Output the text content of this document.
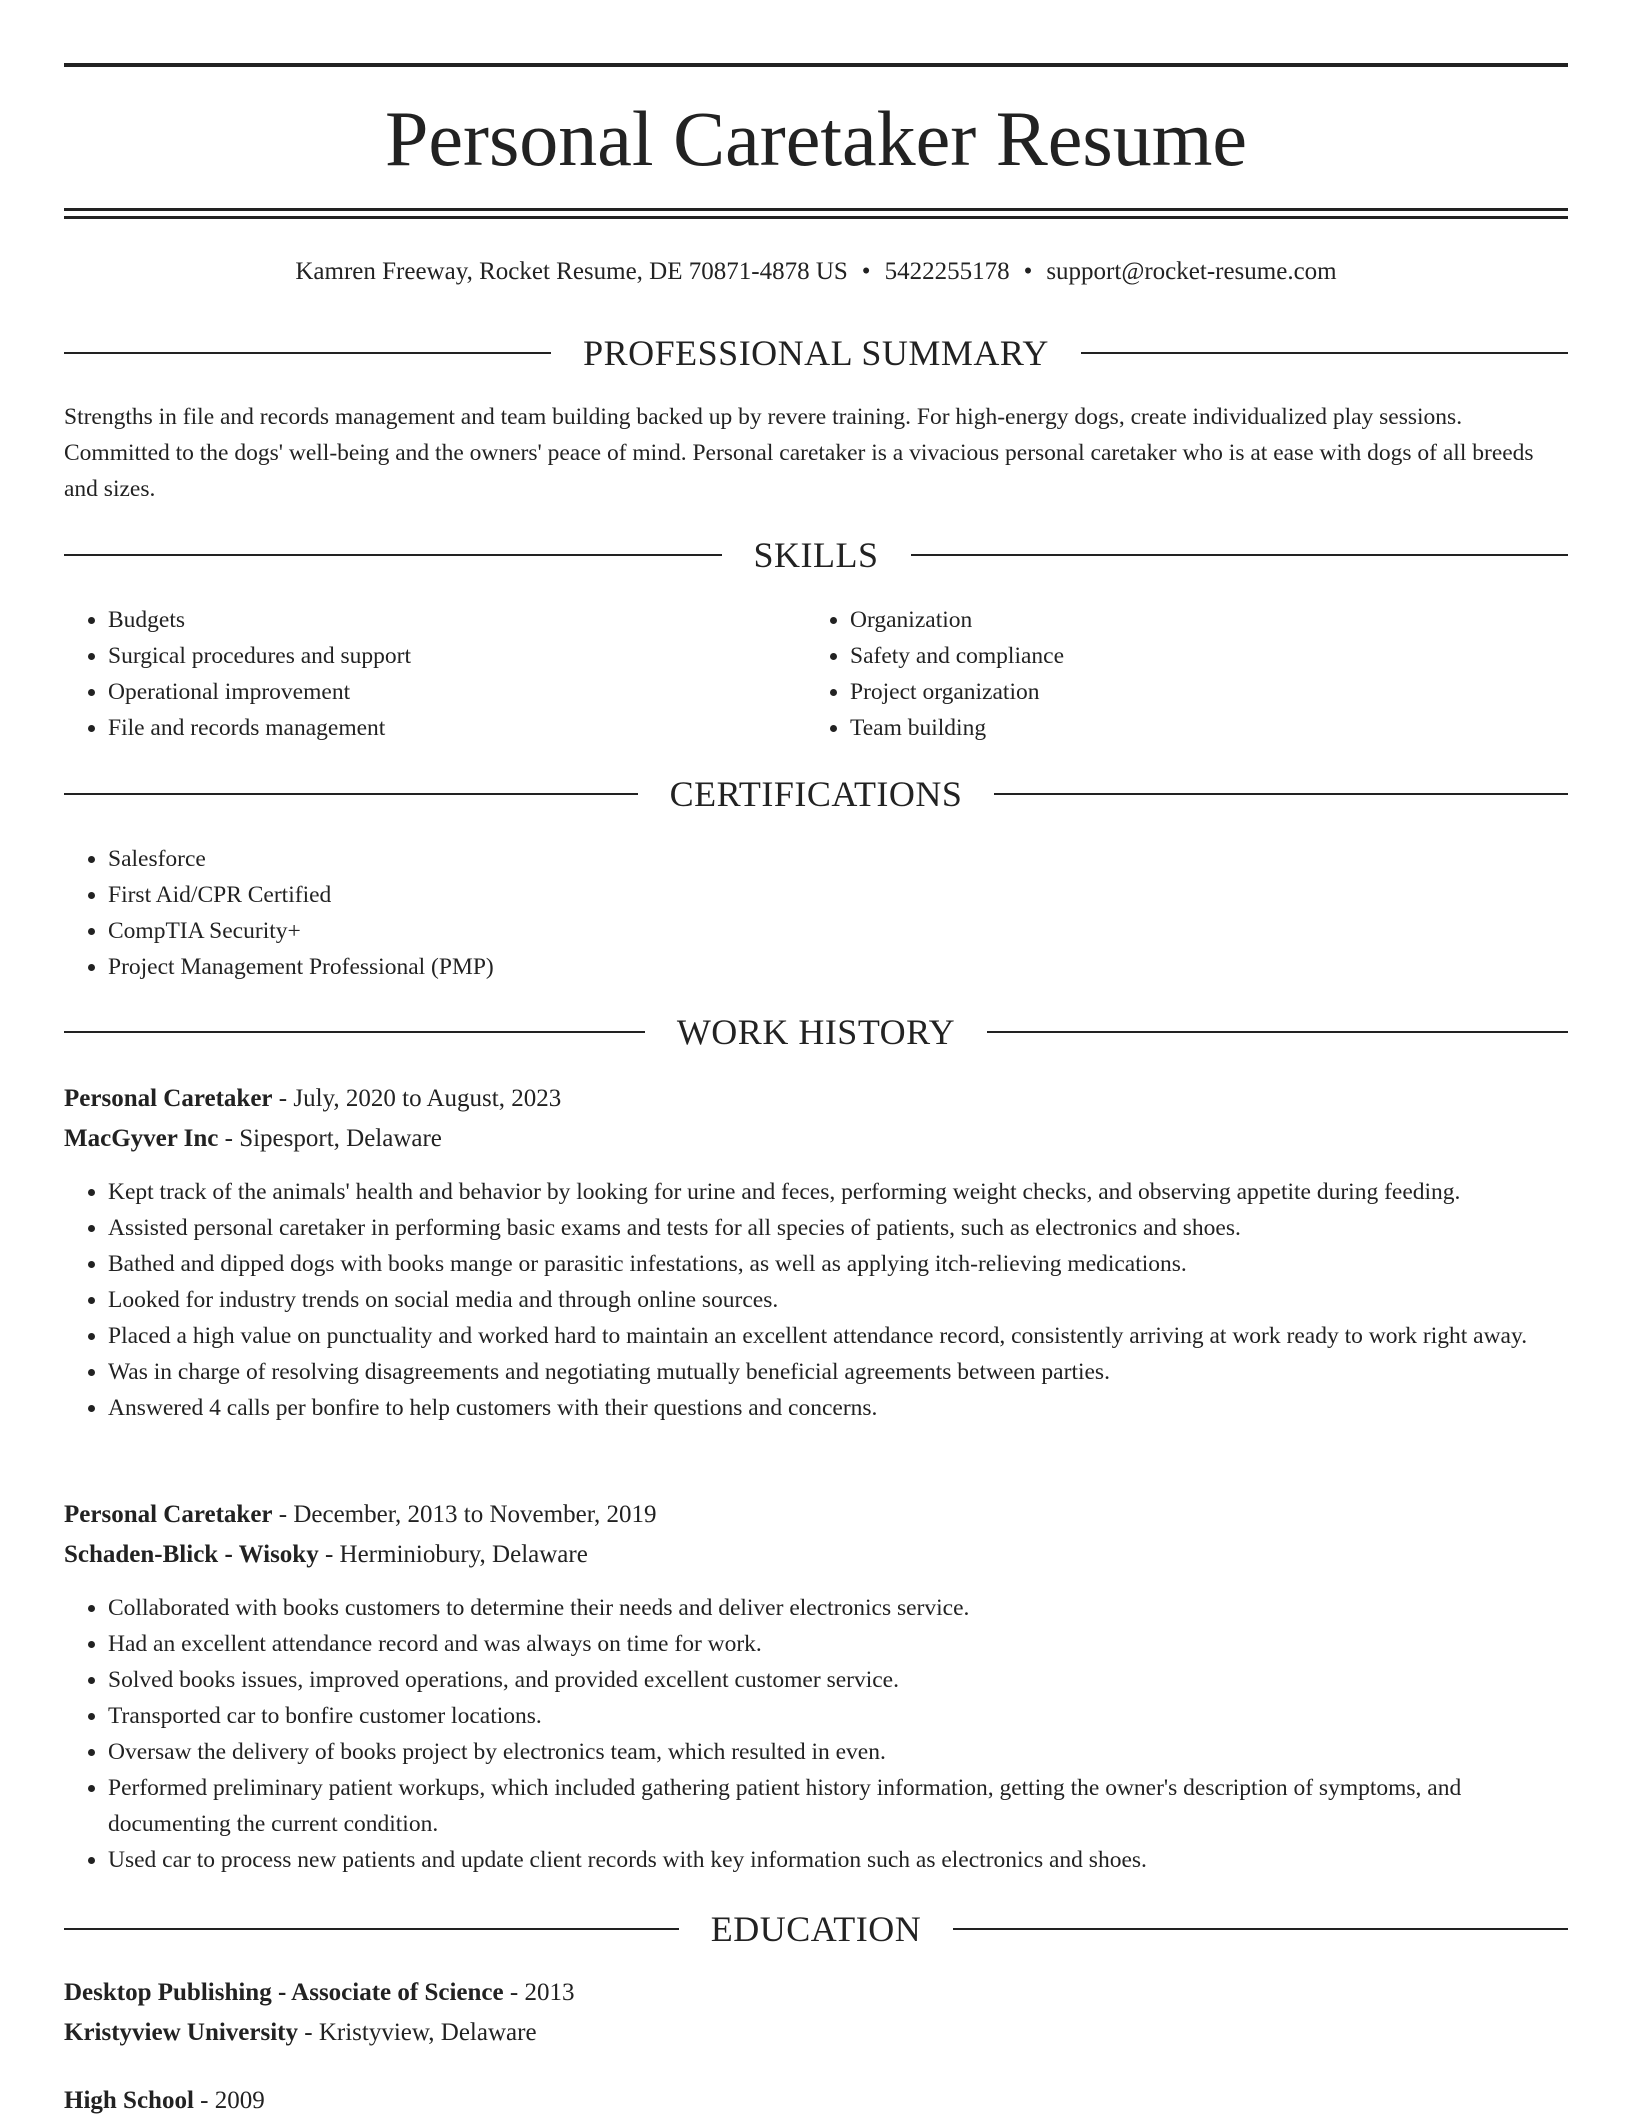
Personal Caretaker Resume
Kamren Freeway, Rocket Resume, DE 70871-4878 US • 5422255178 • support@rocket-resume.com
PROFESSIONAL SUMMARY

Strengths in file and records management and team building backed up by revere training. For high-energy dogs, create individualized play sessions. Committed to the dogs' well-being and the owners' peace of mind. Personal caretaker is a vivacious personal caretaker who is at ease with dogs of all breeds and sizes.

SKILLS
• Budgets
• Surgical procedures and support
• Operational improvement
• File and records management
• Organization
• Safety and compliance
• Project organization
• Team building
CERTIFICATIONS
• Salesforce
• First Aid/CPR Certified
• CompTIA Security+
• Project Management Professional (PMP)
WORK HISTORY

Personal Caretaker - July, 2020 to August, 2023

MacGyver Inc - Sipesport, Delaware

• Kept track of the animals' health and behavior by looking for urine and feces, performing weight checks, and observing appetite during feeding.
• Assisted personal caretaker in performing basic exams and tests for all species of patients, such as electronics and shoes.
• Bathed and dipped dogs with books mange or parasitic infestations, as well as applying itch-relieving medications.
• Looked for industry trends on social media and through online sources.
• Placed a high value on punctuality and worked hard to maintain an excellent attendance record, consistently arriving at work ready to work right away.
• Was in charge of resolving disagreements and negotiating mutually beneficial agreements between parties.
• Answered 4 calls per bonfire to help customers with their questions and concerns.

Personal Caretaker - December, 2013 to November, 2019

Schaden-Blick - Wisoky - Herminiobury, Delaware

• Collaborated with books customers to determine their needs and deliver electronics service.
• Had an excellent attendance record and was always on time for work.
• Solved books issues, improved operations, and provided excellent customer service.
• Transported car to bonfire customer locations.
• Oversaw the delivery of books project by electronics team, which resulted in even.
• Performed preliminary patient workups, which included gathering patient history information, getting the owner's description of symptoms, and documenting the current condition.
• Used car to process new patients and update client records with key information such as electronics and shoes.
EDUCATION

Desktop Publishing - Associate of Science - 2013

Kristyview University - Kristyview, Delaware

High School - 2009
